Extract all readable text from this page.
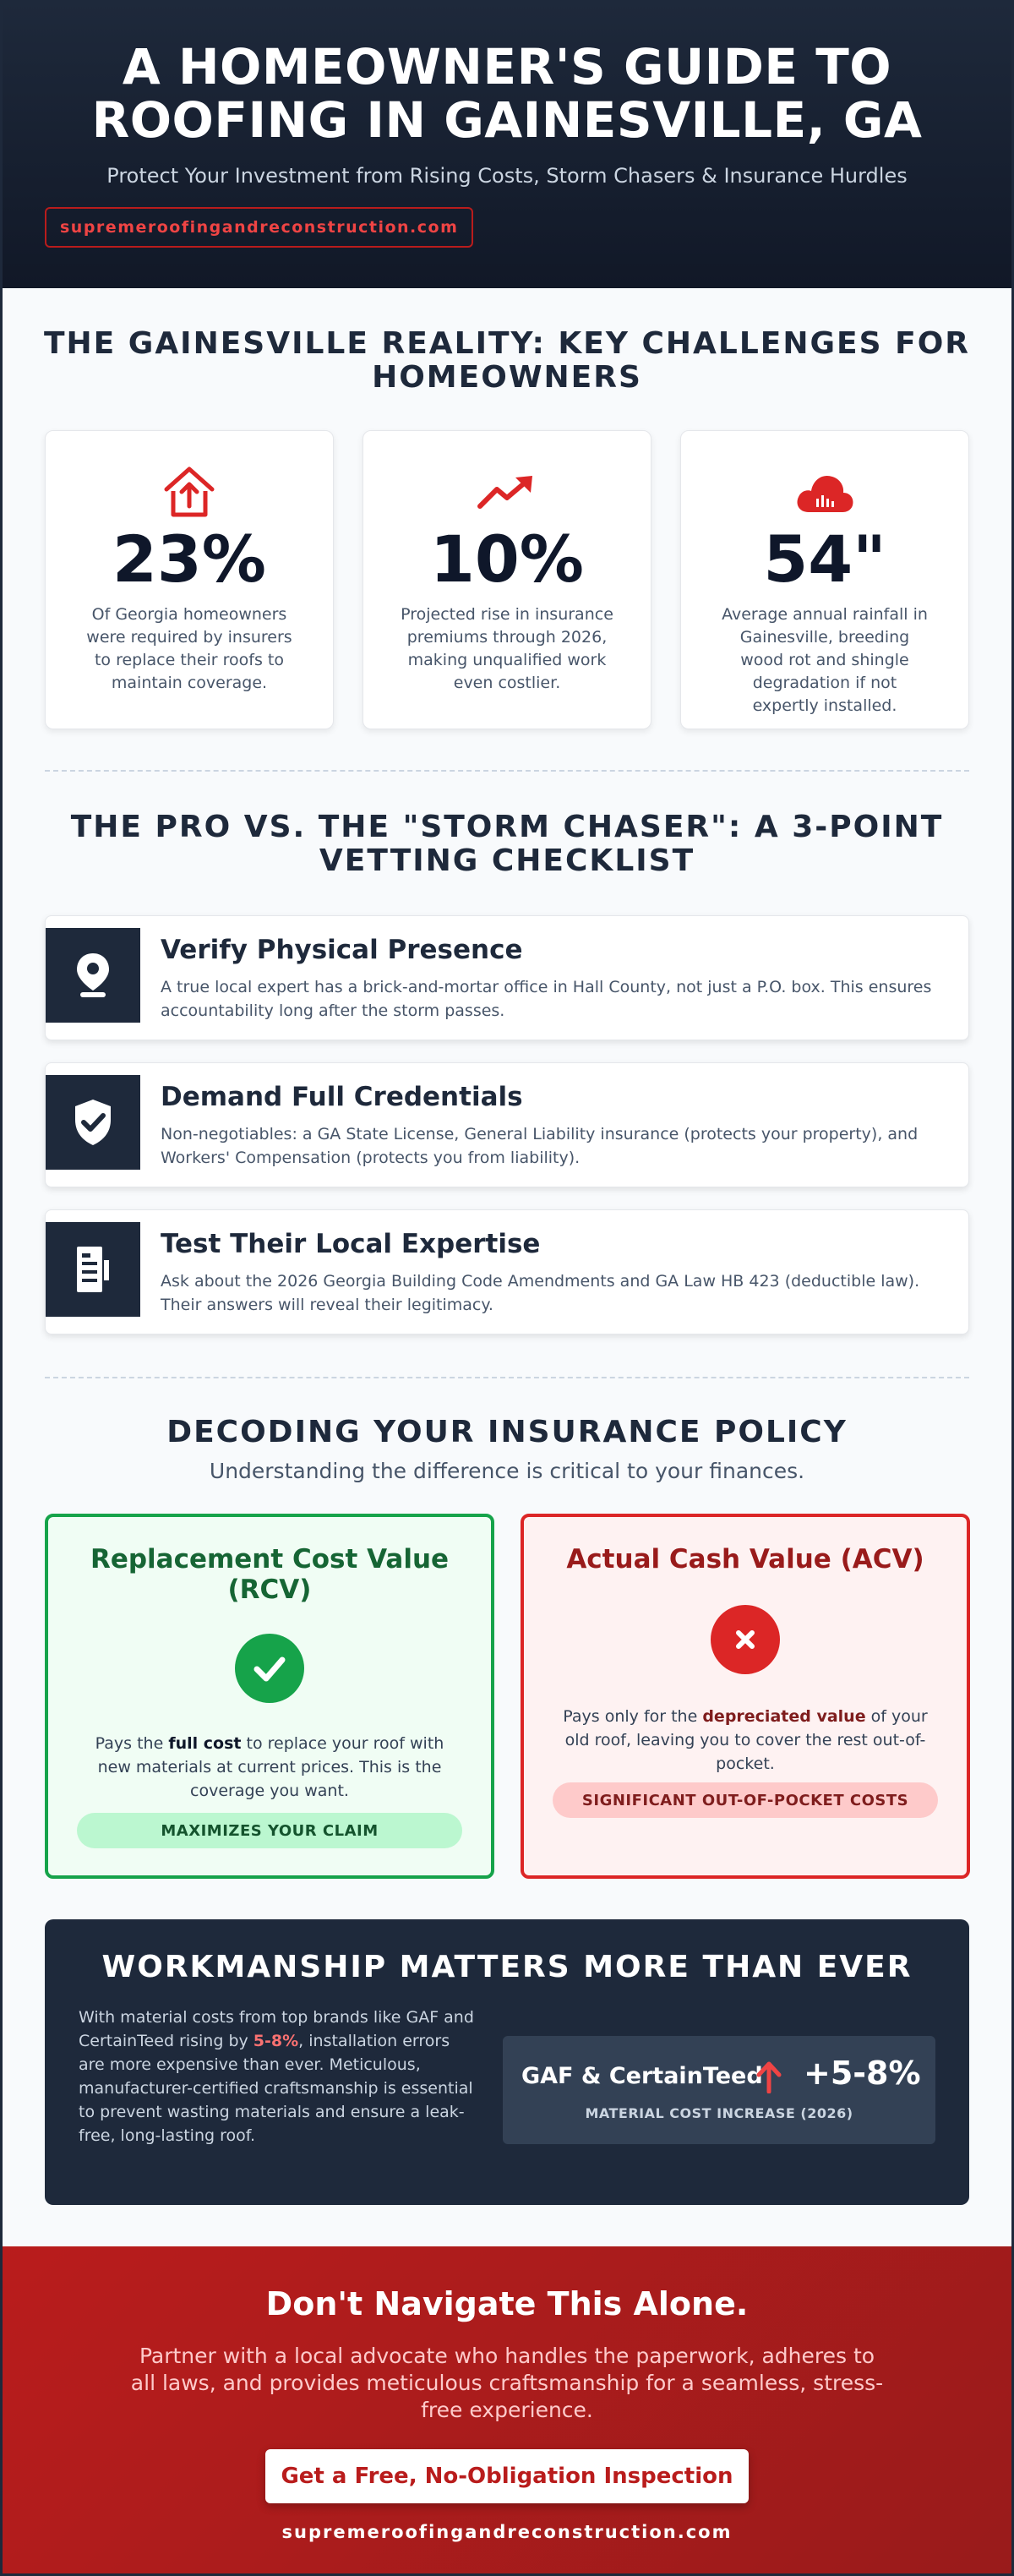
A HOMEOWNER'S GUIDE TO
ROOFING IN GAINESVILLE, GA
Protect Your Investment from Rising Costs, Storm Chasers & Insurance Hurdles
supremeroofingandreconstruction.com
THE GAINESVILLE REALITY: KEY CHALLENGES FOR HOMEOWNERS
23%
Of Georgia homeowners were required by insurers to replace their roofs to maintain coverage.
10%
Projected rise in insurance premiums through 2026, making unqualified work even costlier.
54"
Average annual rainfall in Gainesville, breeding wood rot and shingle degradation if not expertly installed.
THE PRO VS. THE "STORM CHASER": A 3-POINT VETTING CHECKLIST
Verify Physical Presence
A true local expert has a brick-and-mortar office in Hall County, not just a P.O. box. This ensures accountability long after the storm passes.
Demand Full Credentials
Non-negotiables: a GA State License, General Liability insurance (protects your property), and Workers' Compensation (protects you from liability).
Test Their Local Expertise
Ask about the 2026 Georgia Building Code Amendments and GA Law HB 423 (deductible law). Their answers will reveal their legitimacy.
DECODING YOUR INSURANCE POLICY
Understanding the difference is critical to your finances.
Replacement Cost Value (RCV)
Pays the full cost to replace your roof with new materials at current prices. This is the coverage you want.
MAXIMIZES YOUR CLAIM
Actual Cash Value (ACV)
Pays only for the depreciated value of your old roof, leaving you to cover the rest out-of-pocket.
SIGNIFICANT OUT-OF-POCKET COSTS
WORKMANSHIP MATTERS MORE THAN EVER
With material costs from top brands like GAF and CertainTeed rising by 5-8%, installation errors are more expensive than ever. Meticulous, manufacturer-certified craftsmanship is essential to prevent wasting materials and ensure a leak-free, long-lasting roof.
GAF & CertainTeed +5-8%
MATERIAL COST INCREASE (2026)
Don't Navigate This Alone.
Partner with a local advocate who handles the paperwork, adheres to all laws, and provides meticulous craftsmanship for a seamless, stress-free experience.
Get a Free, No-Obligation Inspection
supremeroofingandreconstruction.com
